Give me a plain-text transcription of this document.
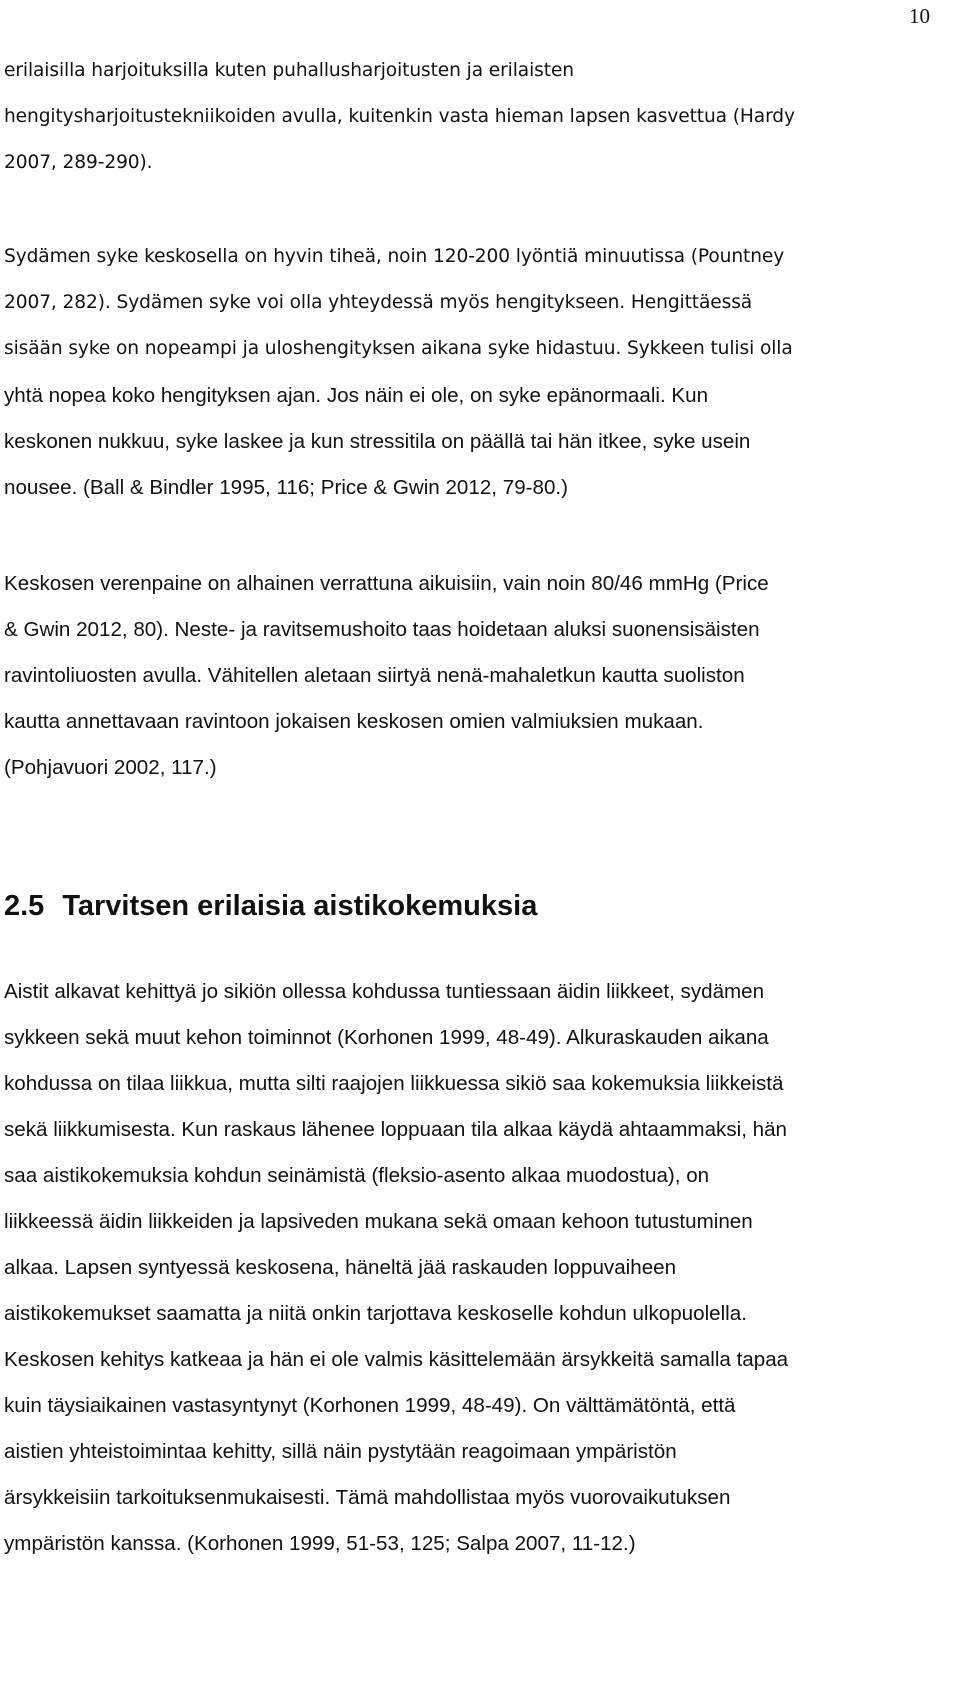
10
erilaisilla harjoituksilla kuten puhallusharjoitusten ja erilaisten
hengitysharjoitustekniikoiden avulla, kuitenkin vasta hieman lapsen kasvettua (Hardy
2007, 289-290).
Sydämen syke keskosella on hyvin tiheä, noin 120-200 lyöntiä minuutissa (Pountney
2007, 282). Sydämen syke voi olla yhteydessä myös hengitykseen. Hengittäessä
sisään syke on nopeampi ja uloshengityksen aikana syke hidastuu. Sykkeen tulisi olla
yhtä nopea koko hengityksen ajan. Jos näin ei ole, on syke epänormaali. Kun
keskonen nukkuu, syke laskee ja kun stressitila on päällä tai hän itkee, syke usein
nousee. (Ball & Bindler 1995, 116; Price & Gwin 2012, 79-80.)
Keskosen verenpaine on alhainen verrattuna aikuisiin, vain noin 80/46 mmHg (Price
& Gwin 2012, 80). Neste- ja ravitsemushoito taas hoidetaan aluksi suonensisäisten
ravintoliuosten avulla. Vähitellen aletaan siirtyä nenä-mahaletkun kautta suoliston
kautta annettavaan ravintoon jokaisen keskosen omien valmiuksien mukaan.
(Pohjavuori 2002, 117.)
2.5 Tarvitsen erilaisia aistikokemuksia
Aistit alkavat kehittyä jo sikiön ollessa kohdussa tuntiessaan äidin liikkeet, sydämen
sykkeen sekä muut kehon toiminnot (Korhonen 1999, 48-49). Alkuraskauden aikana
kohdussa on tilaa liikkua, mutta silti raajojen liikkuessa sikiö saa kokemuksia liikkeistä
sekä liikkumisesta. Kun raskaus lähenee loppuaan tila alkaa käydä ahtaammaksi, hän
saa aistikokemuksia kohdun seinämistä (fleksio-asento alkaa muodostua), on
liikkeessä äidin liikkeiden ja lapsiveden mukana sekä omaan kehoon tutustuminen
alkaa. Lapsen syntyessä keskosena, häneltä jää raskauden loppuvaiheen
aistikokemukset saamatta ja niitä onkin tarjottava keskoselle kohdun ulkopuolella.
Keskosen kehitys katkeaa ja hän ei ole valmis käsittelemään ärsykkeitä samalla tapaa
kuin täysiaikainen vastasyntynyt (Korhonen 1999, 48-49). On välttämätöntä, että
aistien yhteistoimintaa kehitty, sillä näin pystytään reagoimaan ympäristön
ärsykkeisiin tarkoituksenmukaisesti. Tämä mahdollistaa myös vuorovaikutuksen
ympäristön kanssa. (Korhonen 1999, 51-53, 125; Salpa 2007, 11-12.)
